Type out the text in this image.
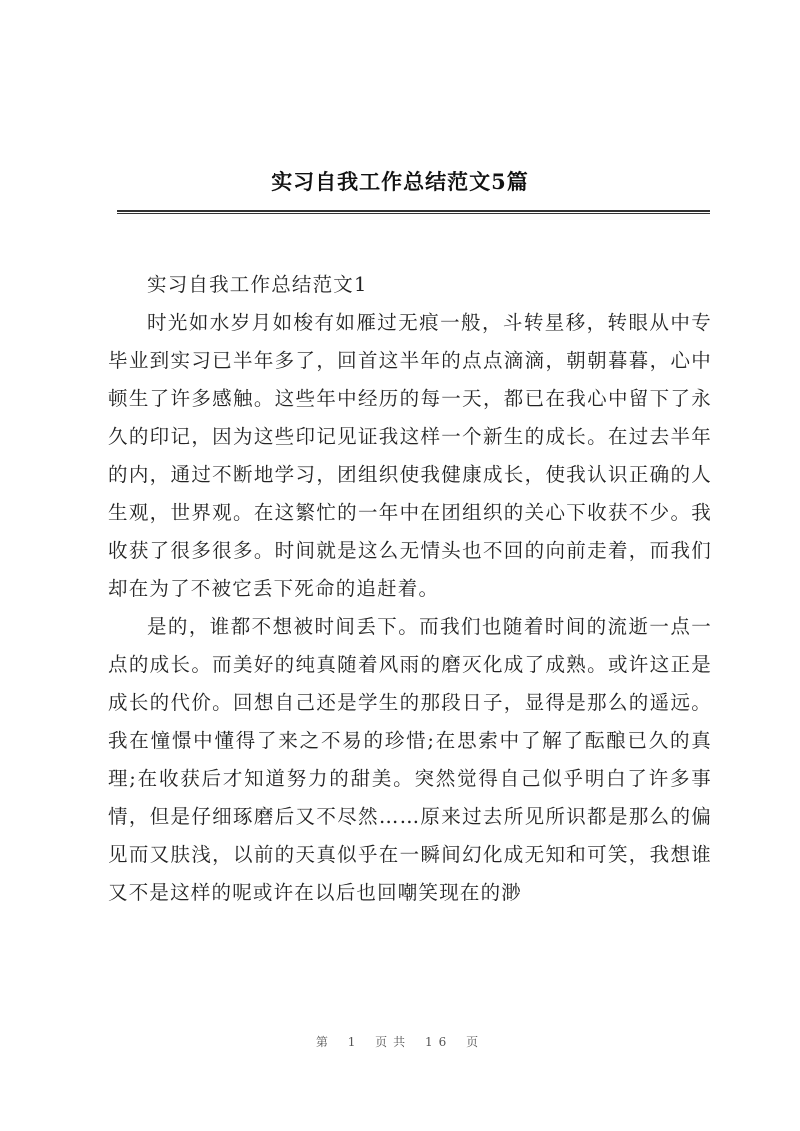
实习自我工作总结范文5篇
实习自我工作总结范文1

时光如水岁月如梭有如雁过无痕一般，斗转星移，转眼从中专毕业到实习已半年多了，回首这半年的点点滴滴，朝朝暮暮，心中顿生了许多感触。这些年中经历的每一天，都已在我心中留下了永久的印记，因为这些印记见证我这样一个新生的成长。在过去半年的内，通过不断地学习，团组织使我健康成长，使我认识正确的人生观，世界观。在这繁忙的一年中在团组织的关心下收获不少。我收获了很多很多。时间就是这么无情头也不回的向前走着，而我们却在为了不被它丢下死命的追赶着。

是的，谁都不想被时间丢下。而我们也随着时间的流逝一点一点的成长。而美好的纯真随着风雨的磨灭化成了成熟。或许这正是成长的代价。回想自己还是学生的那段日子，显得是那么的遥远。我在憧憬中懂得了来之不易的珍惜;在思索中了解了酝酿已久的真理;在收获后才知道努力的甜美。突然觉得自己似乎明白了许多事情，但是仔细琢磨后又不尽然……原来过去所见所识都是那么的偏见而又肤浅，以前的天真似乎在一瞬间幻化成无知和可笑，我想谁又不是这样的呢或许在以后也回嘲笑现在的渺

第 1 页共 16 页
